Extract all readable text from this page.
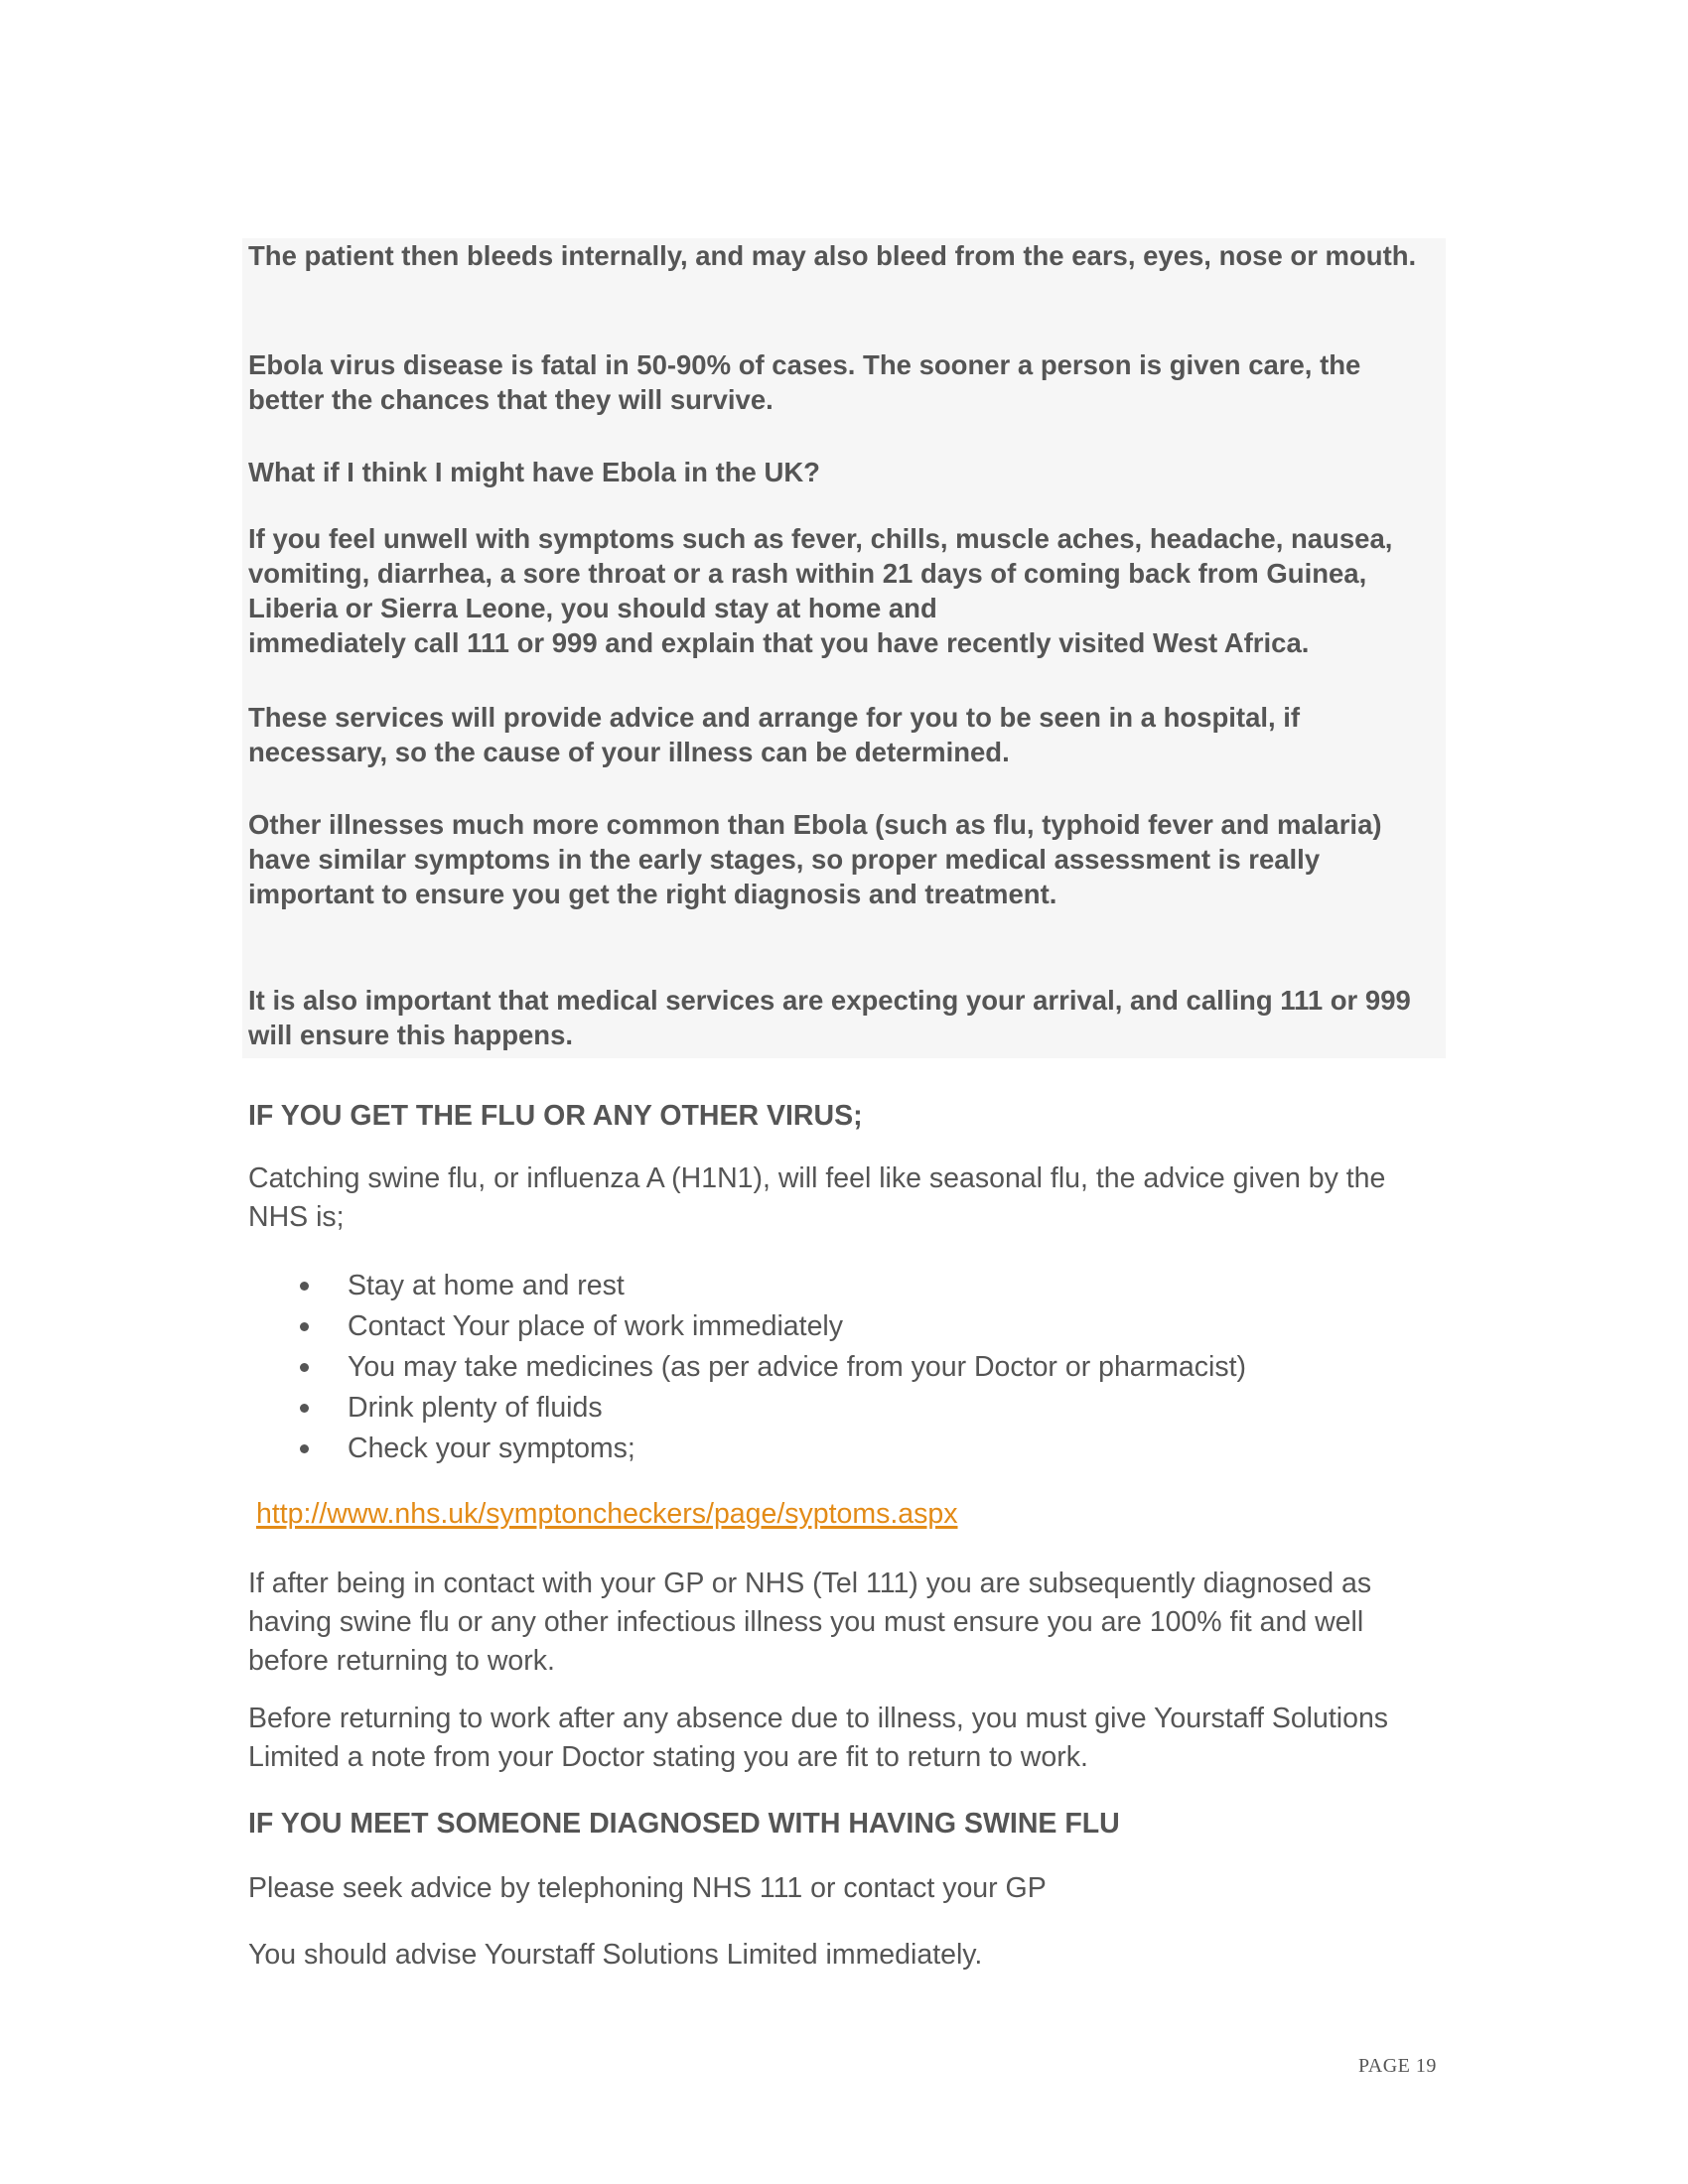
The patient then bleeds internally, and may also bleed from the ears, eyes, nose or mouth.

Ebola virus disease is fatal in 50-90% of cases. The sooner a person is given care, the better the chances that they will survive.

What if I think I might have Ebola in the UK?

If you feel unwell with symptoms such as fever, chills, muscle aches, headache, nausea, vomiting, diarrhea, a sore throat or a rash within 21 days of coming back from Guinea, Liberia or Sierra Leone, you should stay at home and

immediately call 111 or 999 and explain that you have recently visited West Africa.

These services will provide advice and arrange for you to be seen in a hospital, if necessary, so the cause of your illness can be determined.

Other illnesses much more common than Ebola (such as flu, typhoid fever and malaria) have similar symptoms in the early stages, so proper medical assessment is really important to ensure you get the right diagnosis and treatment.

It is also important that medical services are expecting your arrival, and calling 111 or 999 will ensure this happens.

IF YOU GET THE FLU OR ANY OTHER VIRUS;

Catching swine flu, or influenza A (H1N1), will feel like seasonal flu, the advice given by the NHS is;

Stay at home and rest
Contact Your place of work immediately
You may take medicines (as per advice from your Doctor or pharmacist)
Drink plenty of fluids
Check your symptoms;
http://www.nhs.uk/symptoncheckers/page/syptoms.aspx

If after being in contact with your GP or NHS (Tel 111) you are subsequently diagnosed as having swine flu or any other infectious illness you must ensure you are 100% fit and well before returning to work.

Before returning to work after any absence due to illness, you must give Yourstaff Solutions Limited a note from your Doctor stating you are fit to return to work.

IF YOU MEET SOMEONE DIAGNOSED WITH HAVING SWINE FLU

Please seek advice by telephoning NHS 111 or contact your GP

You should advise Yourstaff Solutions Limited immediately.

PAGE 19
